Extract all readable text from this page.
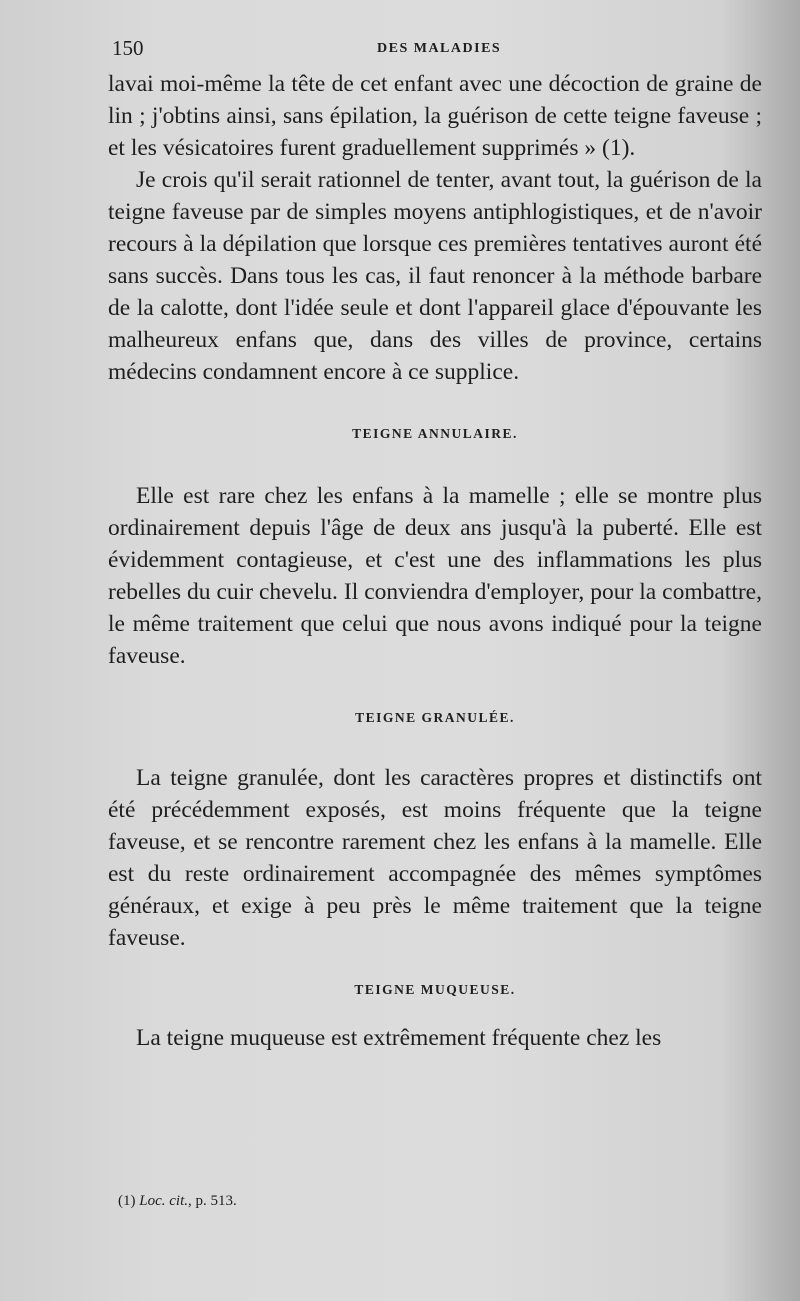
150	DES MALADIES

lavai moi-même la tête de cet enfant avec une décoction de graine de lin ; j'obtins ainsi, sans épilation, la guérison de cette teigne faveuse ; et les vésicatoires furent graduellement supprimés » (1).

Je crois qu'il serait rationnel de tenter, avant tout, la guérison de la teigne faveuse par de simples moyens antiphlogistiques, et de n'avoir recours à la dépilation que lorsque ces premières tentatives auront été sans succès. Dans tous les cas, il faut renoncer à la méthode barbare de la calotte, dont l'idée seule et dont l'appareil glace d'épouvante les malheureux enfans que, dans des villes de province, certains médecins condamnent encore à ce supplice.

TEIGNE ANNULAIRE.

Elle est rare chez les enfans à la mamelle ; elle se montre plus ordinairement depuis l'âge de deux ans jusqu'à la puberté. Elle est évidemment contagieuse, et c'est une des inflammations les plus rebelles du cuir chevelu. Il conviendra d'employer, pour la combattre, le même traitement que celui que nous avons indiqué pour la teigne faveuse.

TEIGNE GRANULÉE.

La teigne granulée, dont les caractères propres et distinctifs ont été précédemment exposés, est moins fréquente que la teigne faveuse, et se rencontre rarement chez les enfans à la mamelle. Elle est du reste ordinairement accompagnée des mêmes symptômes généraux, et exige à peu près le même traitement que la teigne faveuse.

TEIGNE MUQUEUSE.

La teigne muqueuse est extrêmement fréquente chez les

(1) Loc. cit., p. 513.
